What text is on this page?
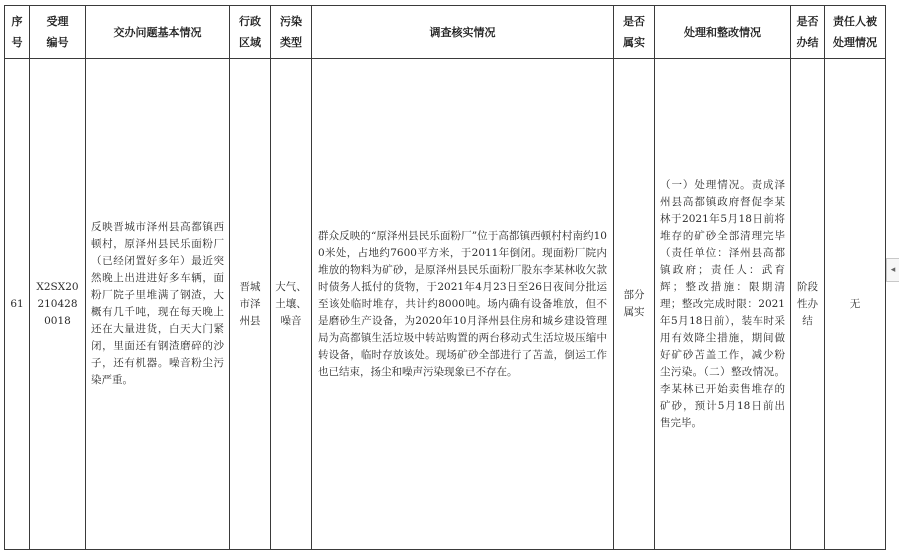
序号	受理编号	交办问题基本情况	行政区域	污染类型	调查核实情况	是否属实	处理和整改情况	是否办结	责任人被处理情况
61	X2SX20210428 0018	反映晋城市泽州县高都镇西顿村，原泽州县民乐面粉厂（已经闭置好多年）最近突然晚上出进进好多车辆，面粉厂院子里堆满了钢渣，大概有几千吨，现在每天晚上还在大量进货，白天大门紧闭，里面还有钢渣磨碎的沙子，还有机器。噪音粉尘污染严重。	晋城市泽州县	大气、土壤、噪音	群众反映的“原泽州县民乐面粉厂”位于高都镇西顿村村南约100米处，占地约7600平方米，于2011年倒闭。现面粉厂院内堆放的物料为矿砂，是原泽州县民乐面粉厂股东李某林收欠款时债务人抵付的货物，于2021年4月23日至26日夜间分批运至该处临时堆存，共计约8000吨。场内确有设备堆放，但不是磨砂生产设备，为2020年10月泽州县住房和城乡建设管理局为高都镇生活垃圾中转站购置的两台移动式生活垃圾压缩中转设备，临时存放该处。现场矿砂全部进行了苫盖，倒运工作也已结束，扬尘和噪声污染现象已不存在。	部分属实	（一）处理情况。责成泽州县高都镇政府督促李某林于2021年5月18日前将堆存的矿砂全部清理完毕（责任单位：泽州县高都镇政府；责任人：武育辉；整改措施：限期清理；整改完成时限：2021年5月18日前），装车时采用有效降尘措施，期间做好矿砂苫盖工作，减少粉尘污染。（二）整改情况。李某林已开始卖售堆存的矿砂，预计5月18日前出售完毕。	阶段性办结	无
◂
